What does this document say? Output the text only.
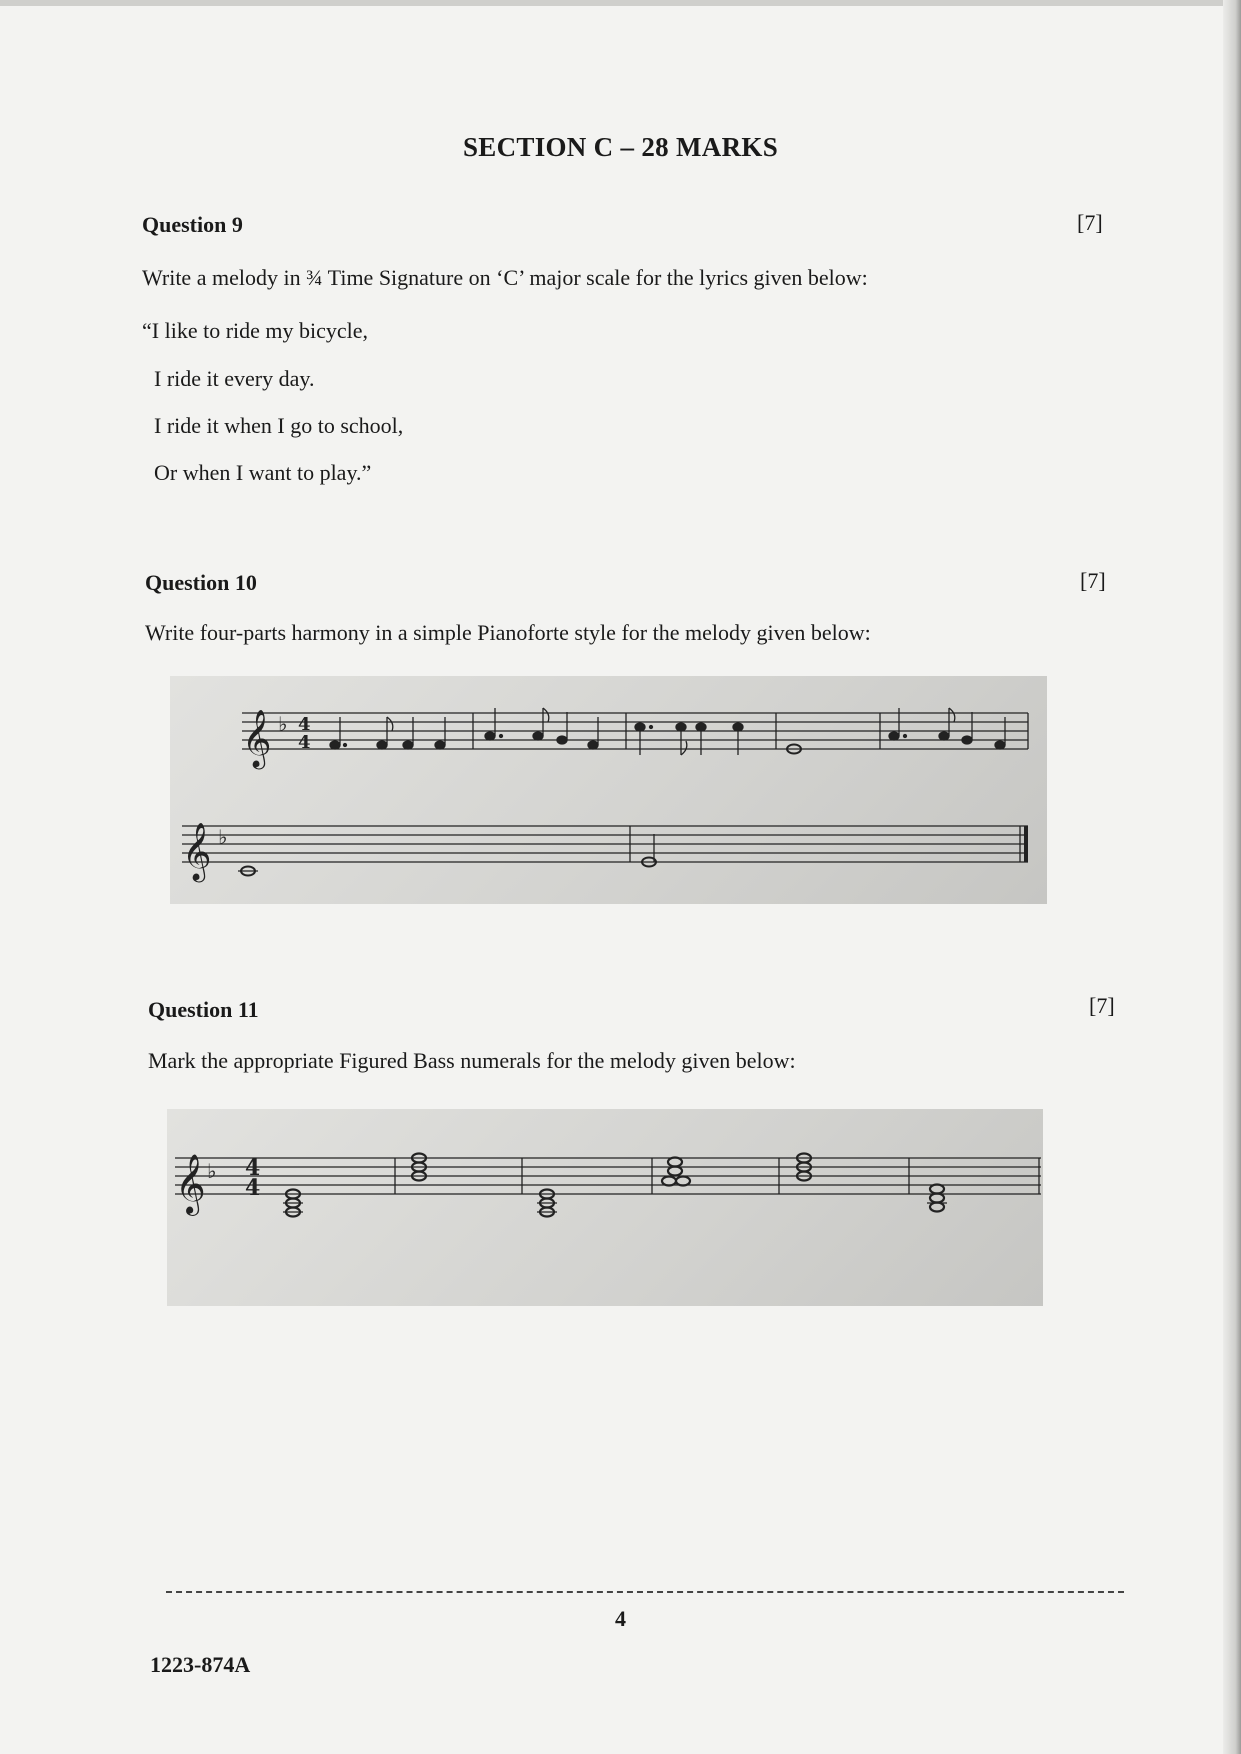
SECTION C – 28 MARKS
Question 9	[7]
Write a melody in ¾ Time Signature on ‘C’ major scale for the lyrics given below:
“I like to ride my bicycle,
I ride it every day.
I ride it when I go to school,
Or when I want to play.”
Question 10	[7]
Write four-parts harmony in a simple Pianoforte style for the melody given below:
𝄞 ♭ 4
4
𝄞 ♭
Question 11	[7]
Mark the appropriate Figured Bass numerals for the melody given below:
𝄞 ♭ 4
4
4
1223-874A
